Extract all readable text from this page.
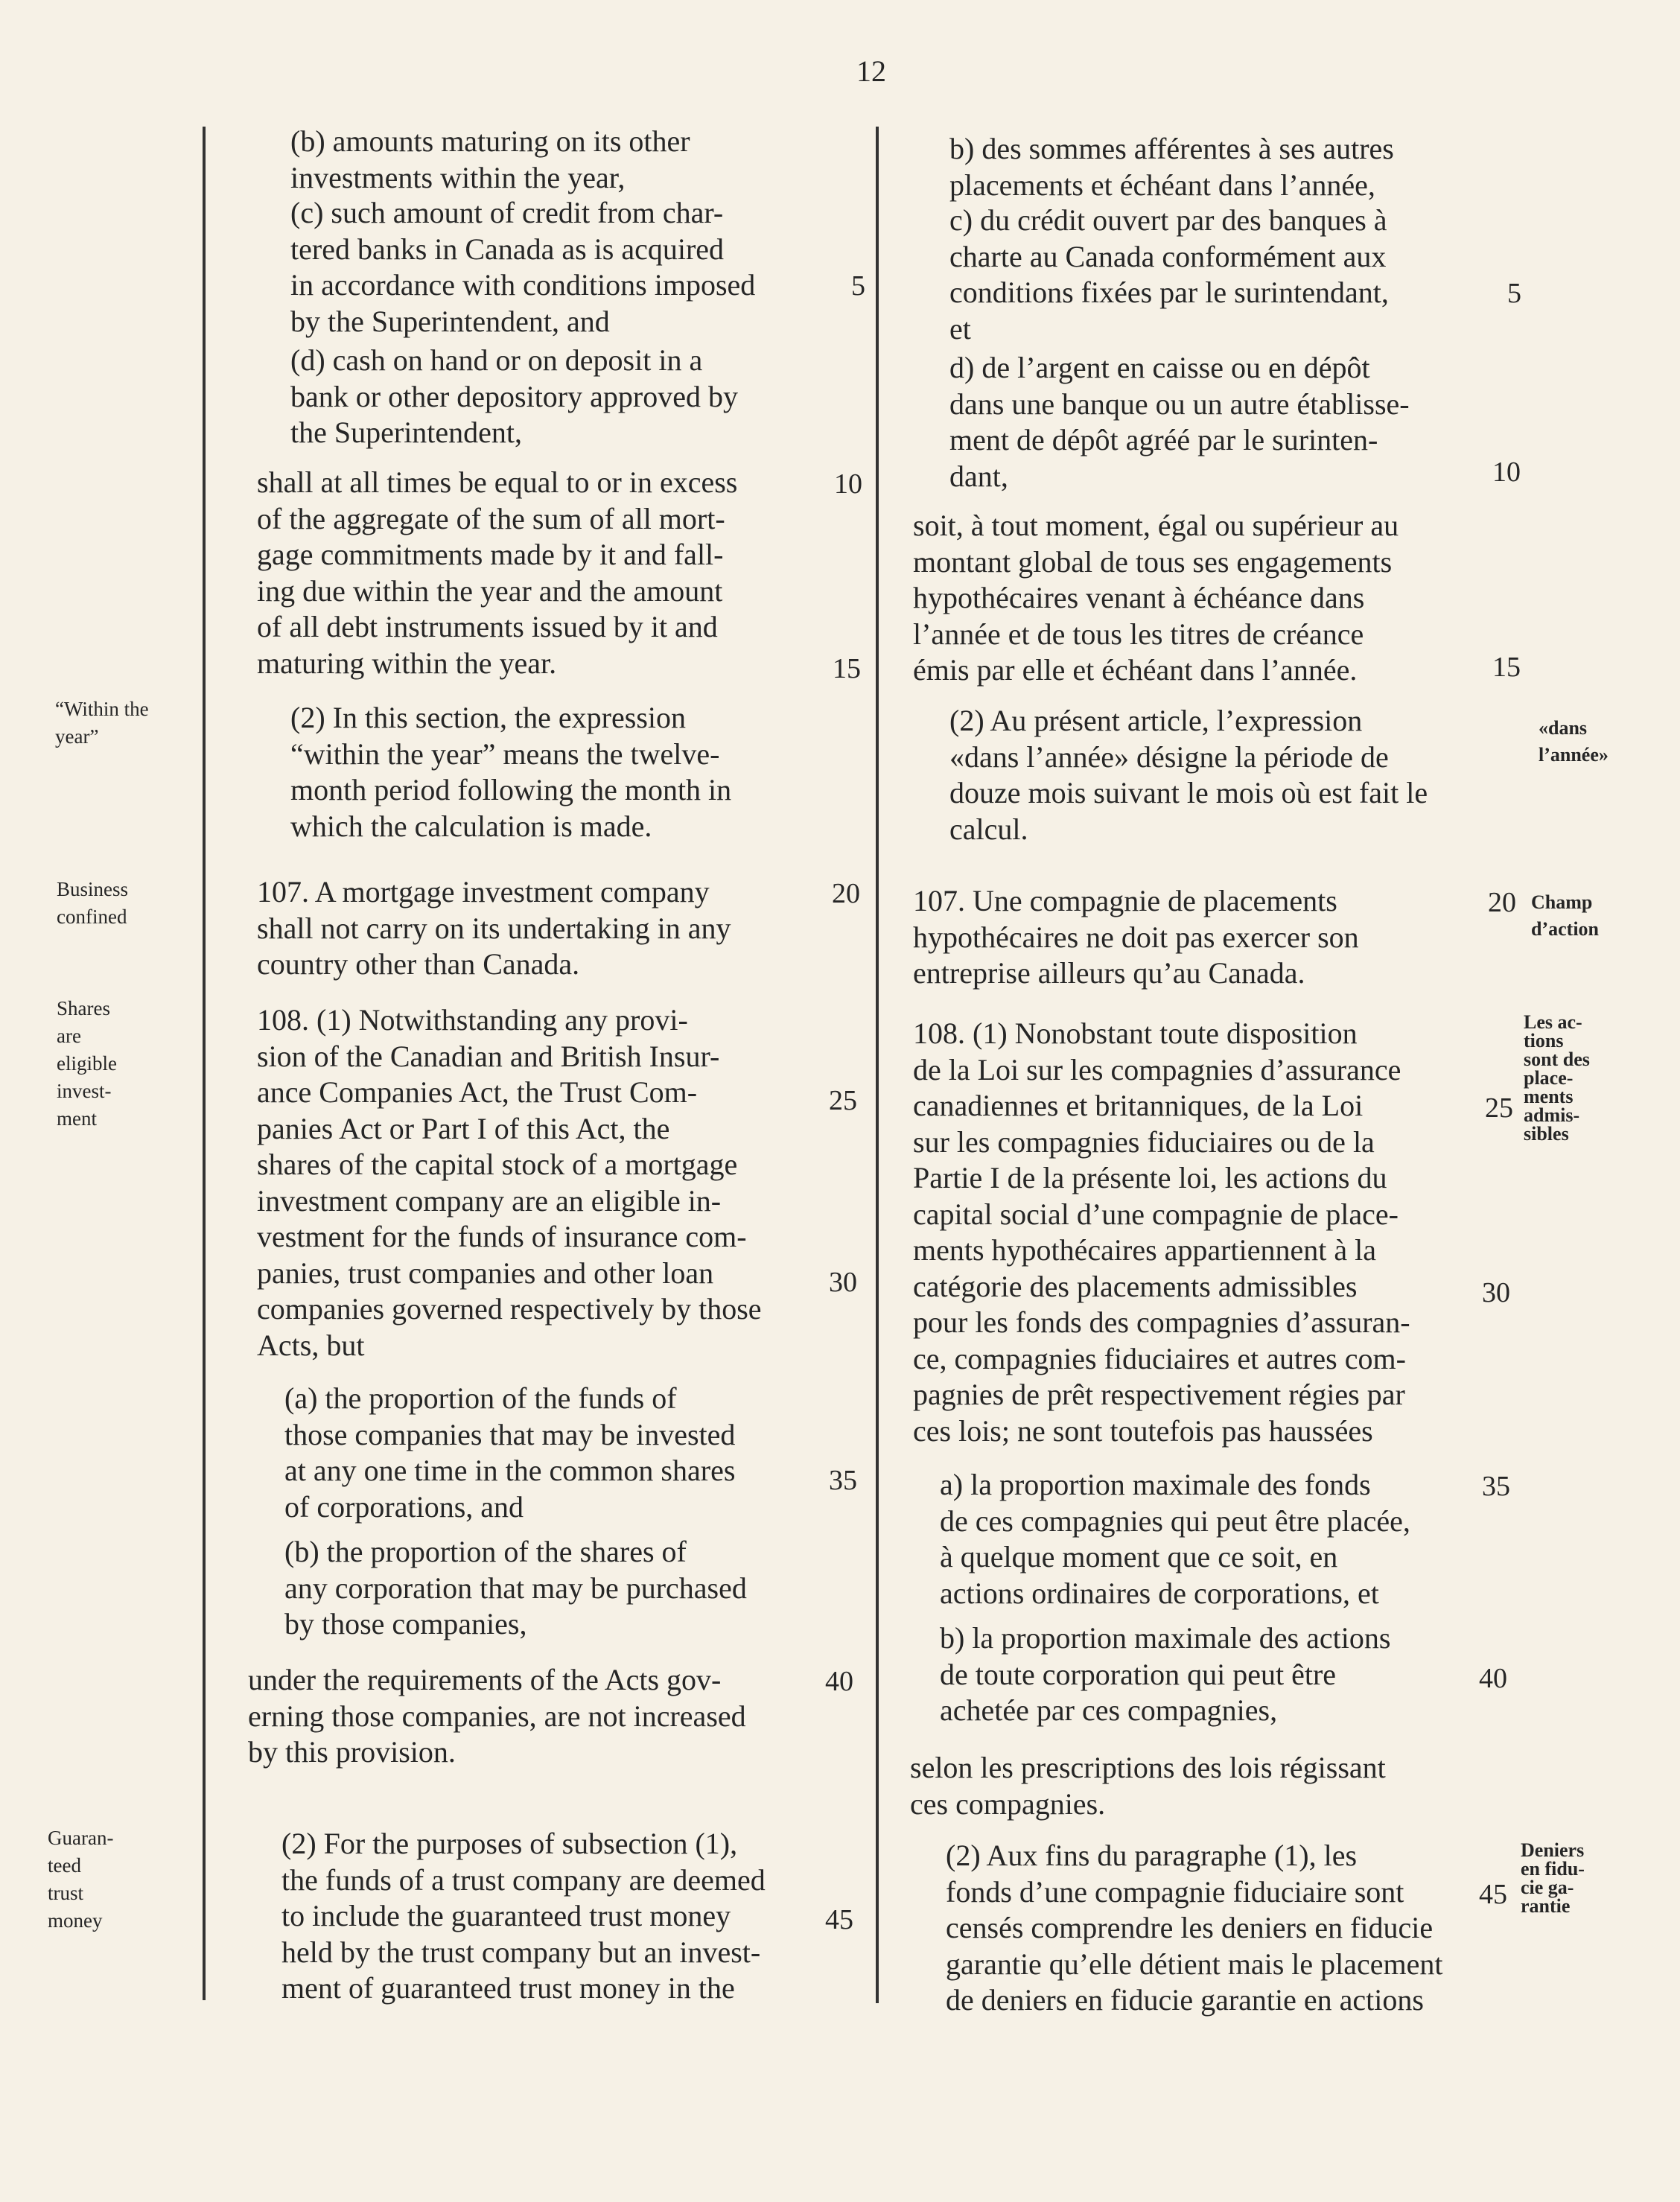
12
(b) amounts maturing on its other
investments within the year,
(c) such amount of credit from char-
tered banks in Canada as is acquired
in accordance with conditions imposed
by the Superintendent, and
(d) cash on hand or on deposit in a
bank or other depository approved by
the Superintendent,
shall at all times be equal to or in excess
of the aggregate of the sum of all mort-
gage commitments made by it and fall-
ing due within the year and the amount
of all debt instruments issued by it and
maturing within the year.
(2) In this section, the expression
“within the year” means the twelve-
month period following the month in
which the calculation is made.
107. A mortgage investment company
shall not carry on its undertaking in any
country other than Canada.
108. (1) Notwithstanding any provi-
sion of the Canadian and British Insur-
ance Companies Act, the Trust Com-
panies Act or Part I of this Act, the
shares of the capital stock of a mortgage
investment company are an eligible in-
vestment for the funds of insurance com-
panies, trust companies and other loan
companies governed respectively by those
Acts, but
(a) the proportion of the funds of
those companies that may be invested
at any one time in the common shares
of corporations, and
(b) the proportion of the shares of
any corporation that may be purchased
by those companies,
under the requirements of the Acts gov-
erning those companies, are not increased
by this provision.
(2) For the purposes of subsection (1),
the funds of a trust company are deemed
to include the guaranteed trust money
held by the trust company but an invest-
ment of guaranteed trust money in the
5
10
15
20
25
30
35
40
45
“Within the
year”
Business
confined
Shares
are
eligible
invest-
ment
Guaran-
teed
trust
money
b) des sommes afférentes à ses autres
placements et échéant dans l’année,
c) du crédit ouvert par des banques à
charte au Canada conformément aux
conditions fixées par le surintendant,
et
d) de l’argent en caisse ou en dépôt
dans une banque ou un autre établisse-
ment de dépôt agréé par le surinten-
dant,
soit, à tout moment, égal ou supérieur au
montant global de tous ses engagements
hypothécaires venant à échéance dans
l’année et de tous les titres de créance
émis par elle et échéant dans l’année.
(2) Au présent article, l’expression
«dans l’année» désigne la période de
douze mois suivant le mois où est fait le
calcul.
107. Une compagnie de placements
hypothécaires ne doit pas exercer son
entreprise ailleurs qu’au Canada.
108. (1) Nonobstant toute disposition
de la Loi sur les compagnies d’assurance
canadiennes et britanniques, de la Loi
sur les compagnies fiduciaires ou de la
Partie I de la présente loi, les actions du
capital social d’une compagnie de place-
ments hypothécaires appartiennent à la
catégorie des placements admissibles
pour les fonds des compagnies d’assuran-
ce, compagnies fiduciaires et autres com-
pagnies de prêt respectivement régies par
ces lois; ne sont toutefois pas haussées
a) la proportion maximale des fonds
de ces compagnies qui peut être placée,
à quelque moment que ce soit, en
actions ordinaires de corporations, et
b) la proportion maximale des actions
de toute corporation qui peut être
achetée par ces compagnies,
selon les prescriptions des lois régissant
ces compagnies.
(2) Aux fins du paragraphe (1), les
fonds d’une compagnie fiduciaire sont
censés comprendre les deniers en fiducie
garantie qu’elle détient mais le placement
de deniers en fiducie garantie en actions
5
10
15
20
25
30
35
40
45
«dans
l’année»
Champ
d’action
Les ac-
tions
sont des
place-
ments
admis-
sibles
Deniers
en fidu-
cie ga-
rantie
